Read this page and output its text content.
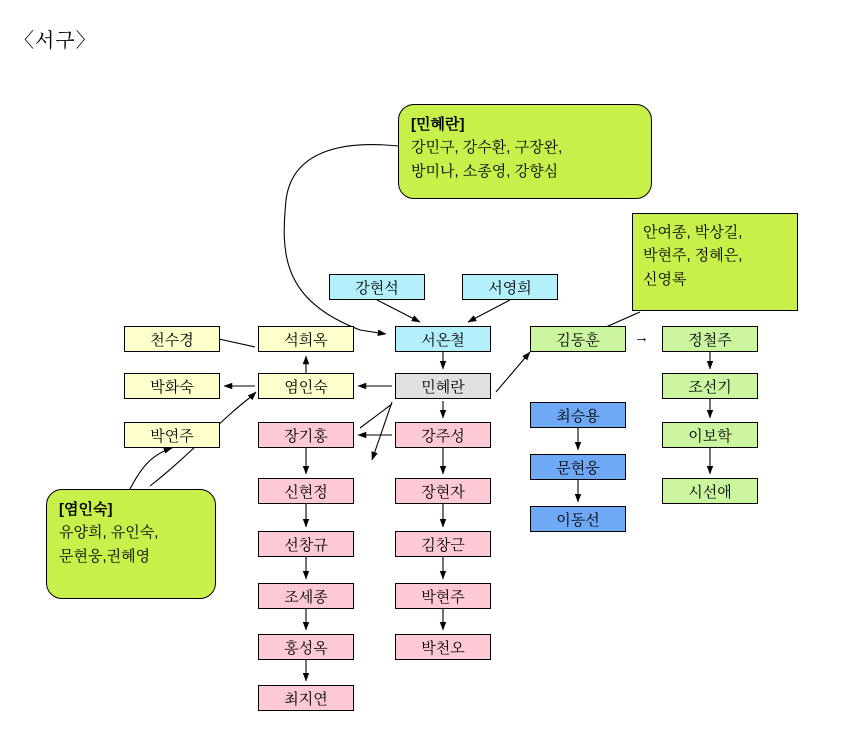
〈서구〉
강현석	서영희
천수경	석희옥	서온철	김동훈	정철주
박화숙	염인숙	민혜란	조선기
최승용
박연주	장기홍	강주성	이보학
문현웅
신현정	장현자	시선애
이동선
선창규	김창근
조세종	박현주
홍성옥	박천오
최지연
[민혜란]
강민구, 강수환, 구장완,
방미나, 소종영, 강향심
[염인숙]
유양희, 유인숙,
문현웅,권혜영
안여종, 박상길,
박현주, 정혜은,
신영록
→
